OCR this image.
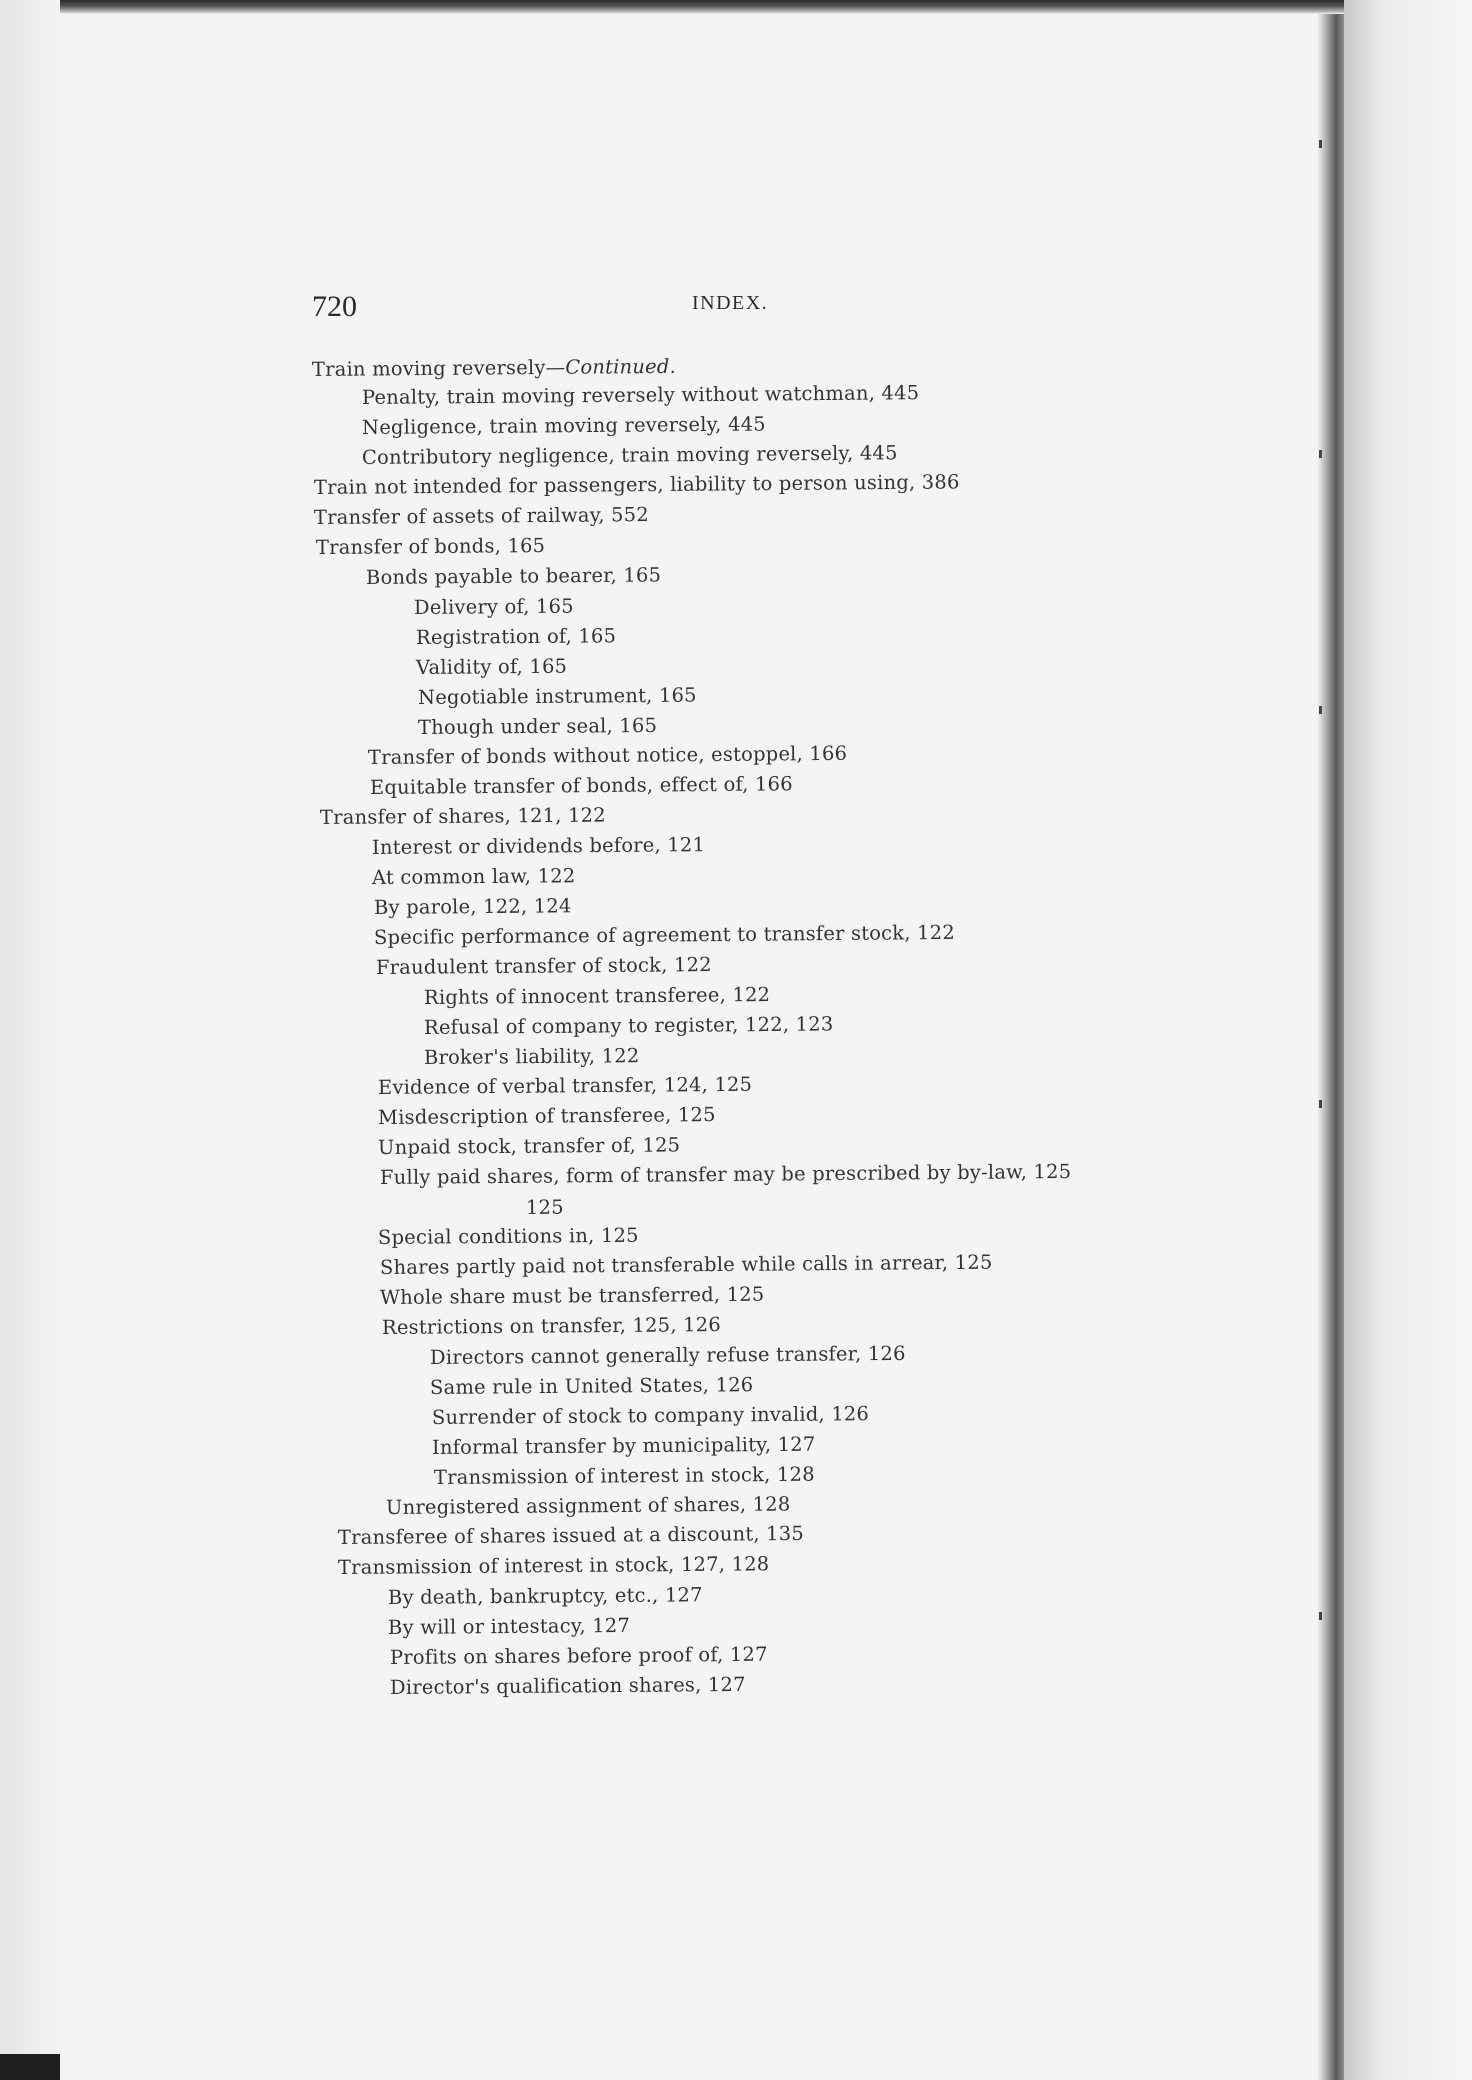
720	INDEX.
Train moving reversely—Continued.
Penalty, train moving reversely without watchman, 445
Negligence, train moving reversely, 445
Contributory negligence, train moving reversely, 445
Train not intended for passengers, liability to person using, 386
Transfer of assets of railway, 552
Transfer of bonds, 165
Bonds payable to bearer, 165
Delivery of, 165
Registration of, 165
Validity of, 165
Negotiable instrument, 165
Though under seal, 165
Transfer of bonds without notice, estoppel, 166
Equitable transfer of bonds, effect of, 166
Transfer of shares, 121, 122
Interest or dividends before, 121
At common law, 122
By parole, 122, 124
Specific performance of agreement to transfer stock, 122
Fraudulent transfer of stock, 122
Rights of innocent transferee, 122
Refusal of company to register, 122, 123
Broker's liability, 122
Evidence of verbal transfer, 124, 125
Misdescription of transferee, 125
Unpaid stock, transfer of, 125
Fully paid shares, form of transfer may be prescribed by by-law, 125
125
Special conditions in, 125
Shares partly paid not transferable while calls in arrear, 125
Whole share must be transferred, 125
Restrictions on transfer, 125, 126
Directors cannot generally refuse transfer, 126
Same rule in United States, 126
Surrender of stock to company invalid, 126
Informal transfer by municipality, 127
Transmission of interest in stock, 128
Unregistered assignment of shares, 128
Transferee of shares issued at a discount, 135
Transmission of interest in stock, 127, 128
By death, bankruptcy, etc., 127
By will or intestacy, 127
Profits on shares before proof of, 127
Director's qualification shares, 127
